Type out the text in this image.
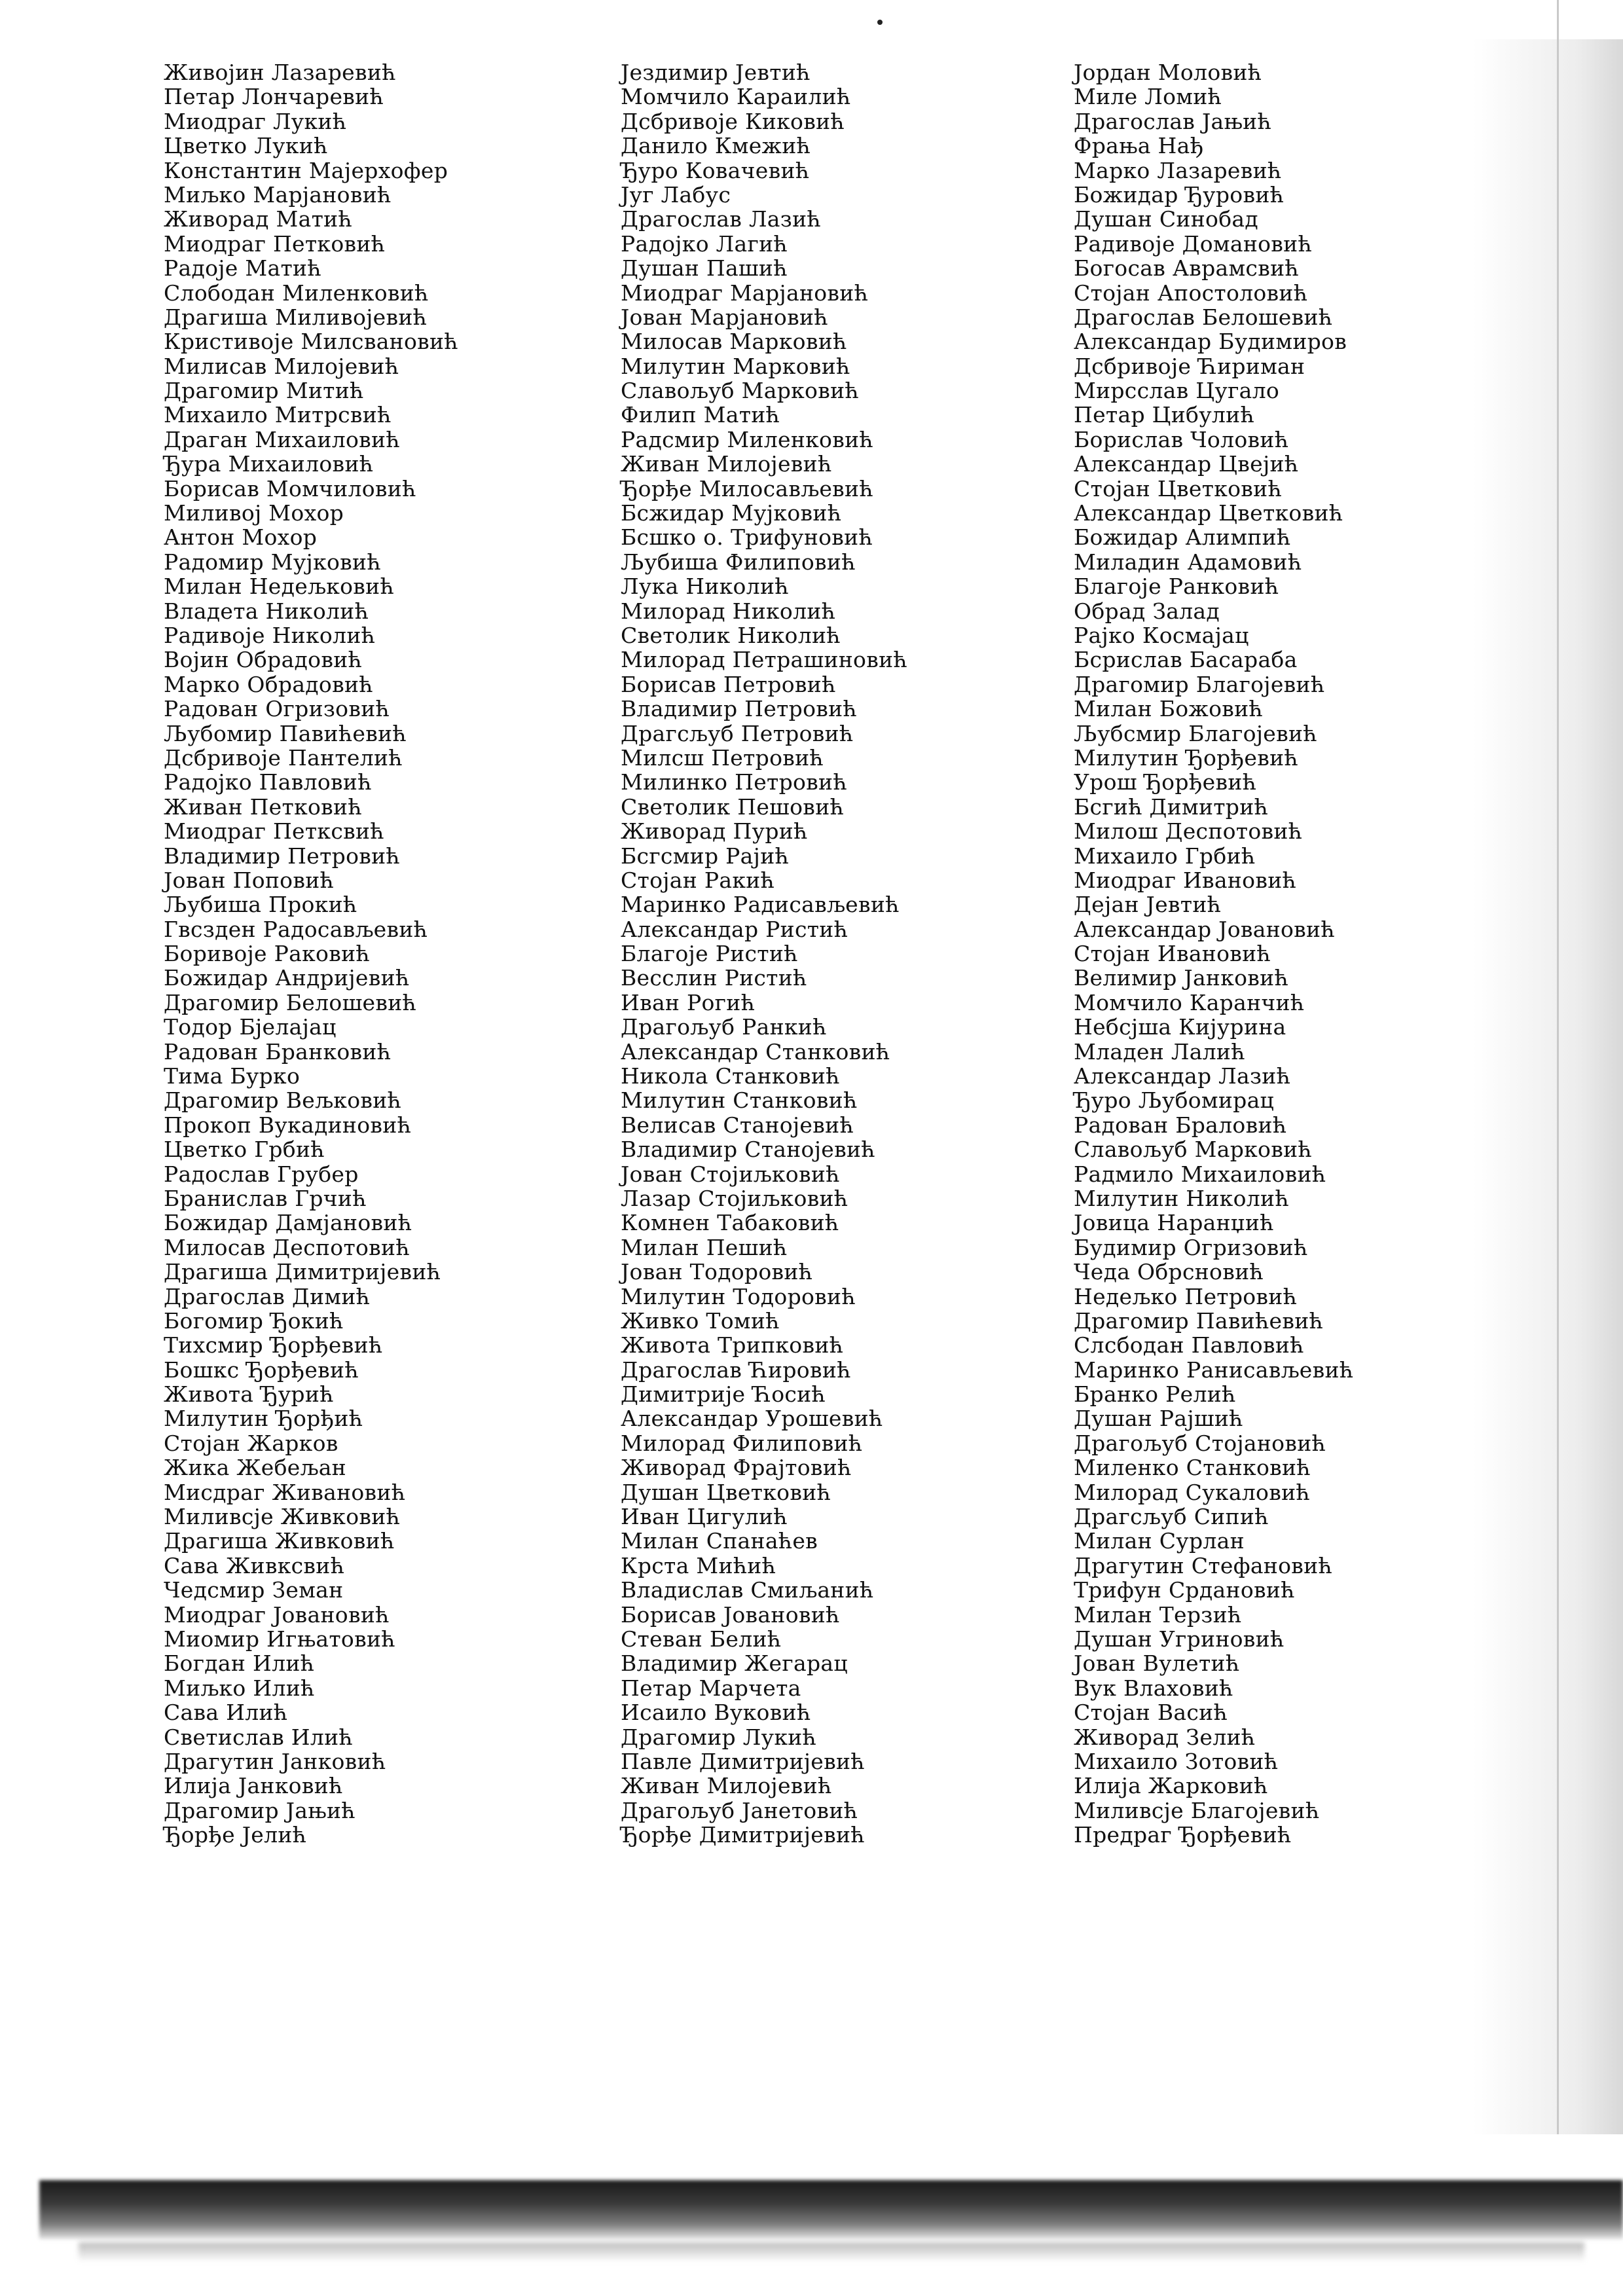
Живојин Лазаревић
Петар Лончаревић
Миодраг Лукић
Цветко Лукић
Константин Мајерхофер
Миљко Марјановић
Живорад Матић
Миодраг Петковић
Радоје Матић
Слободан Миленковић
Драгиша Миливојевић
Кристивоје Милсвановић
Милисав Милојевић
Драгомир Митић
Михаило Митрсвић
Драган Михаиловић
Ђура Михаиловић
Борисав Момчиловић
Миливој Мохор
Антон Мохор
Радомир Мујковић
Милан Недељковић
Владета Николић
Радивоје Николић
Војин Обрадовић
Марко Обрадовић
Радован Огризовић
Љубомир Павићевић
Дсбривоје Пантелић
Радојко Павловић
Живан Петковић
Миодраг Петксвић
Владимир Петровић
Јован Поповић
Љубиша Прокић
Гвсзден Радосављевић
Боривоје Раковић
Божидар Андријевић
Драгомир Белошевић
Тодор Бјелајац
Радован Бранковић
Тима Бурко
Драгомир Вељковић
Прокоп Вукадиновић
Цветко Грбић
Радослав Грубер
Бранислав Грчић
Божидар Дамјановић
Милосав Деспотовић
Драгиша Димитријевић
Драгослав Димић
Богомир Ђокић
Тихсмир Ђорђевић
Бошкс Ђорђевић
Живота Ђурић
Милутин Ђорђић
Стојан Жарков
Жика Жебељан
Мисдраг Живановић
Миливсје Живковић
Драгиша Живковић
Сава Живксвић
Чедсмир Земан
Миодраг Јовановић
Миомир Игњатовић
Богдан Илић
Миљко Илић
Сава Илић
Светислав Илић
Драгутин Јанковић
Илија Јанковић
Драгомир Јањић
Ђорђе Јелић
Јездимир Јевтић
Момчило Караилић
Дсбривоје Киковић
Данило Кмежић
Ђуро Ковачевић
Југ Лабус
Драгослав Лазић
Радојко Лагић
Душан Пашић
Миодраг Марјановић
Јован Марјановић
Милосав Марковић
Милутин Марковић
Славољуб Марковић
Филип Матић
Радсмир Миленковић
Живан Милојевић
Ђорђе Милосављевић
Бсжидар Мујковић
Бсшко о. Трифуновић
Љубиша Филиповић
Лука Николић
Милорад Николић
Светолик Николић
Милорад Петрашиновић
Борисав Петровић
Владимир Петровић
Драгсљуб Петровић
Милсш Петровић
Милинко Петровић
Светолик Пешовић
Живорад Пурић
Бсгсмир Рајић
Стојан Ракић
Маринко Радисављевић
Александар Ристић
Благоје Ристић
Весслин Ристић
Иван Рогић
Драгољуб Ранкић
Александар Станковић
Никола Станковић
Милутин Станковић
Велисав Станојевић
Владимир Станојевић
Јован Стојиљковић
Лазар Стојиљковић
Комнен Табаковић
Милан Пешић
Јован Тодоровић
Милутин Тодоровић
Живко Томић
Живота Трипковић
Драгослав Ћировић
Димитрије Ћосић
Александар Урошевић
Милорад Филиповић
Живорад Фрајтовић
Душан Цветковић
Иван Цигулић
Милан Спанаћев
Крста Мићић
Владислав Смиљанић
Борисав Јовановић
Стеван Белић
Владимир Жегарац
Петар Марчета
Исаило Вуковић
Драгомир Лукић
Павле Димитријевић
Живан Милојевић
Драгољуб Јанетовић
Ђорђе Димитријевић
Јордан Моловић
Миле Ломић
Драгослав Јањић
Фрања Нађ
Марко Лазаревић
Божидар Ђуровић
Душан Синобад
Радивоје Домановић
Богосав Аврамсвић
Стојан Апостоловић
Драгослав Белошевић
Александар Будимиров
Дсбривоје Ћириман
Мирсслав Цугало
Петар Цибулић
Борислав Чоловић
Александар Цвејић
Стојан Цветковић
Александар Цветковић
Божидар Алимпић
Миладин Адамовић
Благоје Ранковић
Обрад Залад
Рајко Космајац
Бсрислав Басараба
Драгомир Благојевић
Милан Божовић
Љубсмир Благојевић
Милутин Ђорђевић
Урош Ђорђевић
Бсгић Димитрић
Милош Деспотовић
Михаило Грбић
Миодраг Ивановић
Дејан Јевтић
Александар Јовановић
Стојан Ивановић
Велимир Јанковић
Момчило Каранчић
Небсјша Кијурина
Младен Лалић
Александар Лазић
Ђуро Љубомирац
Радован Браловић
Славољуб Марковић
Радмило Михаиловић
Милутин Николић
Јовица Наранџић
Будимир Огризовић
Чеда Обрсновић
Недељко Петровић
Драгомир Павићевић
Слсбодан Павловић
Маринко Ранисављевић
Бранко Релић
Душан Рајшић
Драгољуб Стојановић
Миленко Станковић
Милорад Сукаловић
Драгсљуб Сипић
Милан Сурлан
Драгутин Стефановић
Трифун Срдановић
Милан Терзић
Душан Угриновић
Јован Вулетић
Вук Влаховић
Стојан Васић
Живорад Зелић
Михаило Зотовић
Илија Жарковић
Миливсје Благојевић
Предраг Ђорђевић
